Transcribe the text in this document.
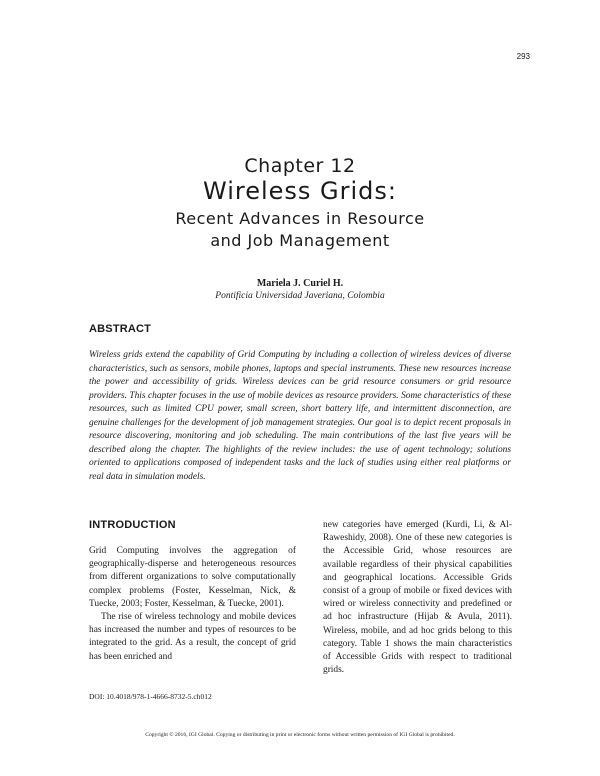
293
Chapter 12
Wireless Grids:
Recent Advances in Resource
and Job Management
Mariela J. Curiel H.
Pontificia Universidad Javeriana, Colombia
ABSTRACT

Wireless grids extend the capability of Grid Computing by including a collection of wireless devices of diverse characteristics, such as sensors, mobile phones, laptops and special instruments. These new resources increase the power and accessibility of grids. Wireless devices can be grid resource consumers or grid resource providers. This chapter focuses in the use of mobile devices as resource providers. Some characteristics of these resources, such as limited CPU power, small screen, short battery life, and intermittent disconnection, are genuine challenges for the development of job management strategies. Our goal is to depict recent proposals in resource discovering, monitoring and job scheduling. The main contributions of the last five years will be described along the chapter. The highlights of the review includes: the use of agent technology; solutions oriented to applications composed of independent tasks and the lack of studies using either real platforms or real data in simulation models.

INTRODUCTION

Grid Computing involves the aggregation of geographically-disperse and heterogeneous resources from different organizations to solve computationally complex problems (Foster, Kesselman, Nick, & Tuecke, 2003; Foster, Kesselman, & Tuecke, 2001).

The rise of wireless technology and mobile devices has increased the number and types of resources to be integrated to the grid. As a result, the concept of grid has been enriched and

new categories have emerged (Kurdi, Li, & Al-Raweshidy, 2008). One of these new categories is the Accessible Grid, whose resources are available regardless of their physical capabilities and geographical locations. Accessible Grids consist of a group of mobile or fixed devices with wired or wireless connectivity and predefined or ad hoc infrastructure (Hijab & Avula, 2011). Wireless, mobile, and ad hoc grids belong to this category. Table 1 shows the main characteristics of Accessible Grids with respect to traditional grids.

DOI: 10.4018/978-1-4666-8732-5.ch012
Copyright © 2016, IGI Global. Copying or distributing in print or electronic forms without written permission of IGI Global is prohibited.
